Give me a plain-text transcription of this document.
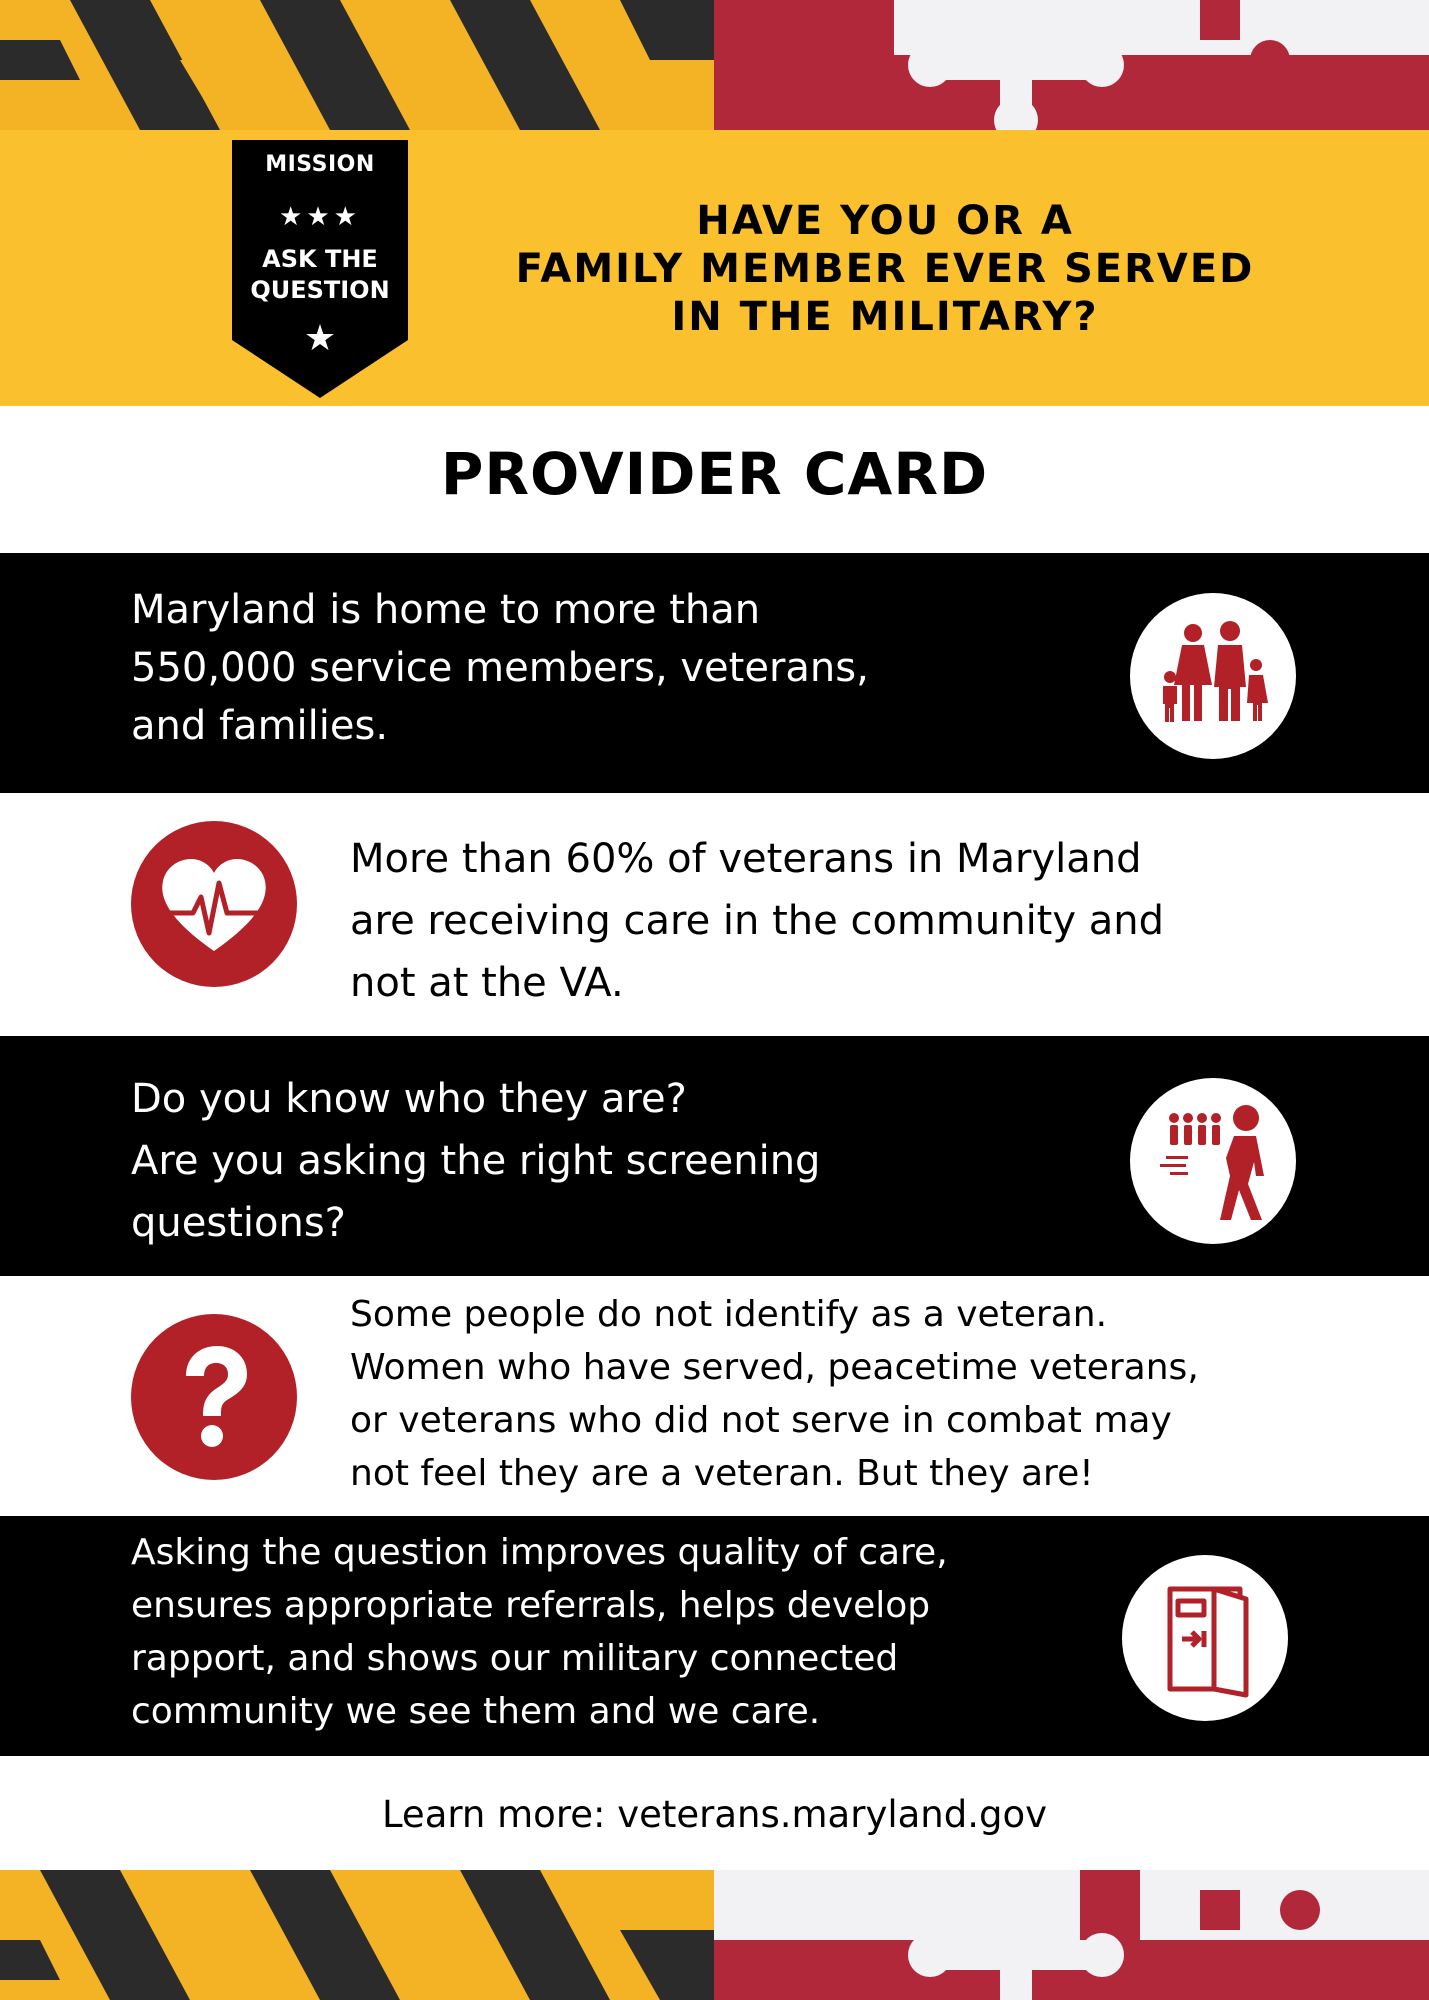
MISSION
★★★
ASK THE
QUESTION
★
HAVE YOU OR A
FAMILY MEMBER EVER SERVED
IN THE MILITARY?
PROVIDER CARD
Maryland is home to more than
550,000 service members, veterans,
and families.
More than 60% of veterans in Maryland
are receiving care in the community and
not at the VA.
Do you know who they are?
Are you asking the right screening
questions?
Some people do not identify as a veteran.
Women who have served, peacetime veterans,
or veterans who did not serve in combat may
not feel they are a veteran. But they are!
Asking the question improves quality of care,
ensures appropriate referrals, helps develop
rapport, and shows our military connected
community we see them and we care.
Learn more: veterans.maryland.gov
